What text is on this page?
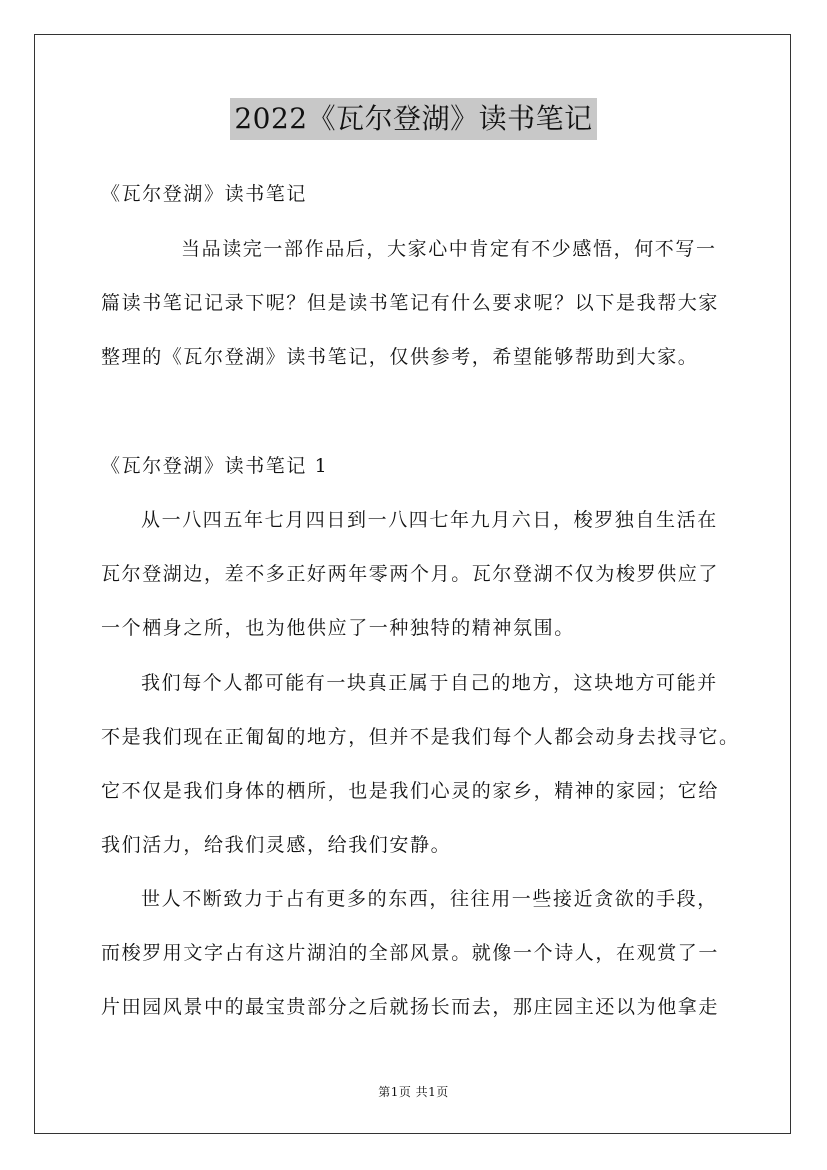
2022《瓦尔登湖》读书笔记
《瓦尔登湖》读书笔记
当品读完一部作品后，大家心中肯定有不少感悟，何不写一
篇读书笔记记录下呢？但是读书笔记有什么要求呢？以下是我帮大家
整理的《瓦尔登湖》读书笔记，仅供参考，希望能够帮助到大家。
《瓦尔登湖》读书笔记 1
从一八四五年七月四日到一八四七年九月六日，梭罗独自生活在
瓦尔登湖边，差不多正好两年零两个月。瓦尔登湖不仅为梭罗供应了
一个栖身之所，也为他供应了一种独特的精神氛围。
我们每个人都可能有一块真正属于自己的地方，这块地方可能并
不是我们现在正匍匐的地方，但并不是我们每个人都会动身去找寻它。
它不仅是我们身体的栖所，也是我们心灵的家乡，精神的家园；它给
我们活力，给我们灵感，给我们安静。
世人不断致力于占有更多的东西，往往用一些接近贪欲的手段，
而梭罗用文字占有这片湖泊的全部风景。就像一个诗人，在观赏了一
片田园风景中的最宝贵部分之后就扬长而去，那庄园主还以为他拿走
第1页 共1页
